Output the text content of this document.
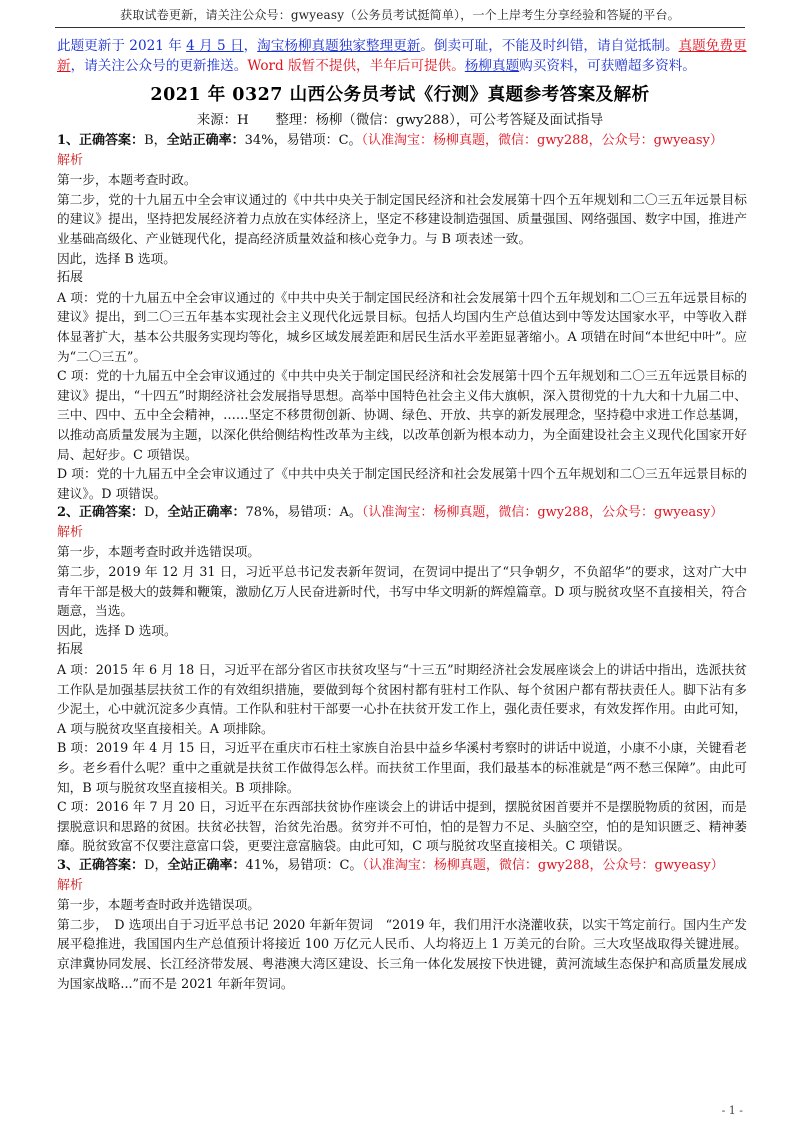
获取试卷更新，请关注公众号：gwyeasy（公务员考试挺简单），一个上岸考生分享经验和答疑的平台。
此题更新于 2021 年 4 月 5 日，淘宝杨柳真题独家整理更新。倒卖可耻，不能及时纠错，请自觉抵制。真题免费更新，请关注公众号的更新推送。Word 版暂不提供，半年后可提供。杨柳真题购买资料，可获赠超多资料。
2021 年 0327 山西公务员考试《行测》真题参考答案及解析
来源：H　　整理：杨柳（微信：gwy288），可公考答疑及面试指导

1、正确答案：B，全站正确率：34%，易错项：C。（认准淘宝：杨柳真题，微信：gwy288，公众号：gwyeasy）

解析

第一步，本题考查时政。

第二步，党的十九届五中全会审议通过的《中共中央关于制定国民经济和社会发展第十四个五年规划和二〇三五年远景目标的建议》提出，坚持把发展经济着力点放在实体经济上，坚定不移建设制造强国、质量强国、网络强国、数字中国，推进产业基础高级化、产业链现代化，提高经济质量效益和核心竞争力。与 B 项表述一致。

因此，选择 B 选项。

拓展

A 项：党的十九届五中全会审议通过的《中共中央关于制定国民经济和社会发展第十四个五年规划和二〇三五年远景目标的建议》提出，到二〇三五年基本实现社会主义现代化远景目标。包括人均国内生产总值达到中等发达国家水平，中等收入群体显著扩大，基本公共服务实现均等化，城乡区域发展差距和居民生活水平差距显著缩小。A 项错在时间“本世纪中叶”。应为“二〇三五”。

C 项：党的十九届五中全会审议通过的《中共中央关于制定国民经济和社会发展第十四个五年规划和二〇三五年远景目标的建议》提出，“十四五”时期经济社会发展指导思想。高举中国特色社会主义伟大旗帜，深入贯彻党的十九大和十九届二中、三中、四中、五中全会精神，……坚定不移贯彻创新、协调、绿色、开放、共享的新发展理念，坚持稳中求进工作总基调，以推动高质量发展为主题，以深化供给侧结构性改革为主线，以改革创新为根本动力，为全面建设社会主义现代化国家开好局、起好步。C 项错误。

D 项：党的十九届五中全会审议通过了《中共中央关于制定国民经济和社会发展第十四个五年规划和二〇三五年远景目标的建议》。D 项错误。

2、正确答案：D，全站正确率：78%，易错项：A。（认准淘宝：杨柳真题，微信：gwy288，公众号：gwyeasy）

解析

第一步，本题考查时政并选错误项。

第二步，2019 年 12 月 31 日，习近平总书记发表新年贺词，在贺词中提出了“只争朝夕，不负韶华”的要求，这对广大中青年干部是极大的鼓舞和鞭策，激励亿万人民奋进新时代，书写中华文明新的辉煌篇章。D 项与脱贫攻坚不直接相关，符合题意，当选。

因此，选择 D 选项。

拓展

A 项：2015 年 6 月 18 日，习近平在部分省区市扶贫攻坚与“十三五”时期经济社会发展座谈会上的讲话中指出，选派扶贫工作队是加强基层扶贫工作的有效组织措施，要做到每个贫困村都有驻村工作队、每个贫困户都有帮扶责任人。脚下沾有多少泥土，心中就沉淀多少真情。工作队和驻村干部要一心扑在扶贫开发工作上，强化责任要求，有效发挥作用。由此可知，A 项与脱贫攻坚直接相关。A 项排除。

B 项：2019 年 4 月 15 日，习近平在重庆市石柱土家族自治县中益乡华溪村考察时的讲话中说道，小康不小康，关键看老乡。老乡看什么呢？重中之重就是扶贫工作做得怎么样。而扶贫工作里面，我们最基本的标准就是“两不愁三保障”。由此可知，B 项与脱贫攻坚直接相关。B 项排除。

C 项：2016 年 7 月 20 日，习近平在东西部扶贫协作座谈会上的讲话中提到，摆脱贫困首要并不是摆脱物质的贫困，而是摆脱意识和思路的贫困。扶贫必扶智，治贫先治愚。贫穷并不可怕，怕的是智力不足、头脑空空，怕的是知识匮乏、精神萎靡。脱贫致富不仅要注意富口袋，更要注意富脑袋。由此可知，C 项与脱贫攻坚直接相关。C 项错误。

3、正确答案：D，全站正确率：41%，易错项：C。（认准淘宝：杨柳真题，微信：gwy288，公众号：gwyeasy）

解析

第一步，本题考查时政并选错误项。

第二步，　D 选项出自于习近平总书记 2020 年新年贺词　“2019 年，我们用汗水浇灌收获，以实干笃定前行。国内生产发展平稳推进，我国国内生产总值预计将接近 100 万亿元人民币、人均将迈上 1 万美元的台阶。三大攻坚战取得关键进展。京津冀协同发展、长江经济带发展、粤港澳大湾区建设、长三角一体化发展按下快进键，黄河流域生态保护和高质量发展成为国家战略...”而不是 2021 年新年贺词。

- 1 -
